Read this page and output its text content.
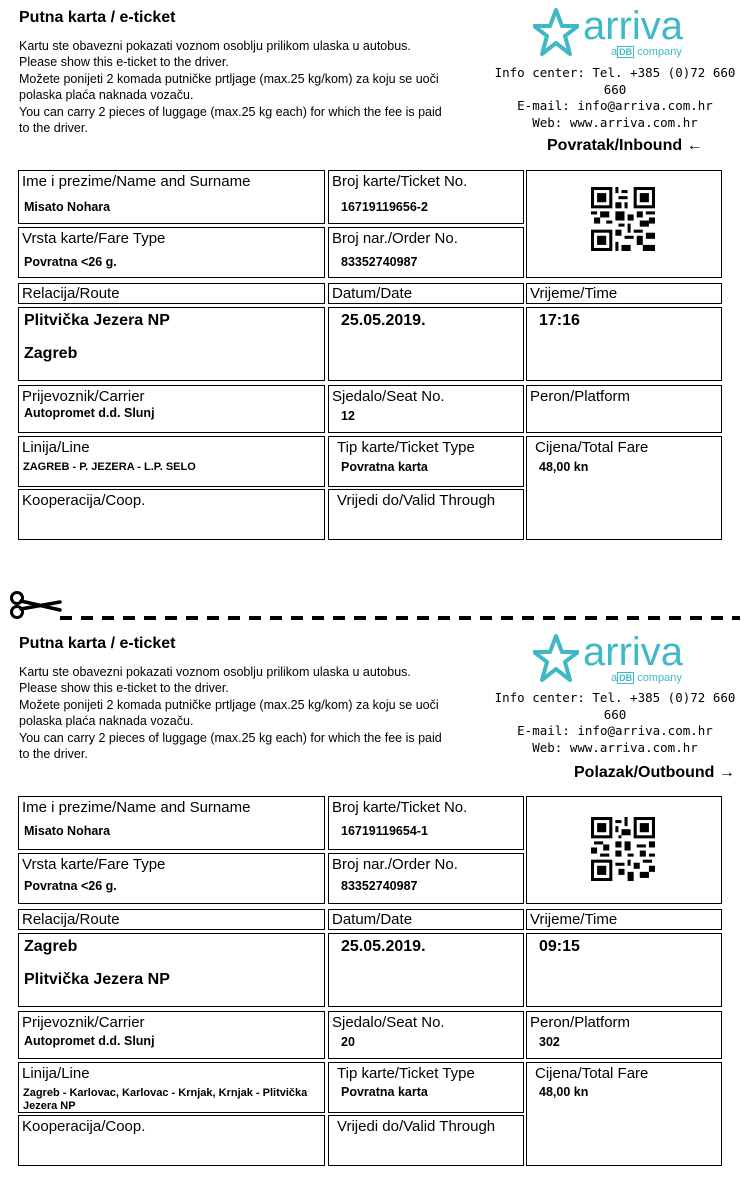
Putna karta / e-ticket
Kartu ste obavezni pokazati voznom osoblju prilikom ulaska u autobus.
Please show this e-ticket to the driver.
Možete ponijeti 2 komada putničke prtljage (max.25 kg/kom) za koju se uoči
polaska plaća naknada vozaču.
You can carry 2 pieces of luggage (max.25 kg each) for which the fee is paid
to the driver.
arriva
a DB company
Info center: Tel. +385 (0)72 660 660
E-mail: info@arriva.com.hr
Web: www.arriva.com.hr
Povratak/Inbound ←
Ime i prezime/Name and Surname
Misato Nohara
Broj karte/Ticket No.
16719119656-2
Vrsta karte/Fare Type
Povratna <26 g.
Broj nar./Order No.
83352740987
Relacija/Route	Datum/Date	Vrijeme/Time
Plitvička Jezera NP
Zagreb
25.05.2019.	17:16
Prijevoznik/Carrier
Autopromet d.d. Slunj
Sjedalo/Seat No.
12
Peron/Platform
Linija/Line
ZAGREB - P. JEZERA - L.P. SELO
Tip karte/Ticket Type
Povratna karta
Cijena/Total Fare
48,00 kn
Kooperacija/Coop.	Vrijedi do/Valid Through
Putna karta / e-ticket
Kartu ste obavezni pokazati voznom osoblju prilikom ulaska u autobus.
Please show this e-ticket to the driver.
Možete ponijeti 2 komada putničke prtljage (max.25 kg/kom) za koju se uoči
polaska plaća naknada vozaču.
You can carry 2 pieces of luggage (max.25 kg each) for which the fee is paid
to the driver.
arriva
a DB company
Info center: Tel. +385 (0)72 660 660
E-mail: info@arriva.com.hr
Web: www.arriva.com.hr
Polazak/Outbound →
Ime i prezime/Name and Surname
Misato Nohara
Broj karte/Ticket No.
16719119654-1
Vrsta karte/Fare Type
Povratna <26 g.
Broj nar./Order No.
83352740987
Relacija/Route	Datum/Date	Vrijeme/Time
Zagreb
Plitvička Jezera NP
25.05.2019.	09:15
Prijevoznik/Carrier
Autopromet d.d. Slunj
Sjedalo/Seat No.
20
Peron/Platform
302
Linija/Line
Zagreb - Karlovac, Karlovac - Krnjak, Krnjak - Plitvička Jezera NP
Tip karte/Ticket Type
Povratna karta
Cijena/Total Fare
48,00 kn
Kooperacija/Coop.	Vrijedi do/Valid Through
